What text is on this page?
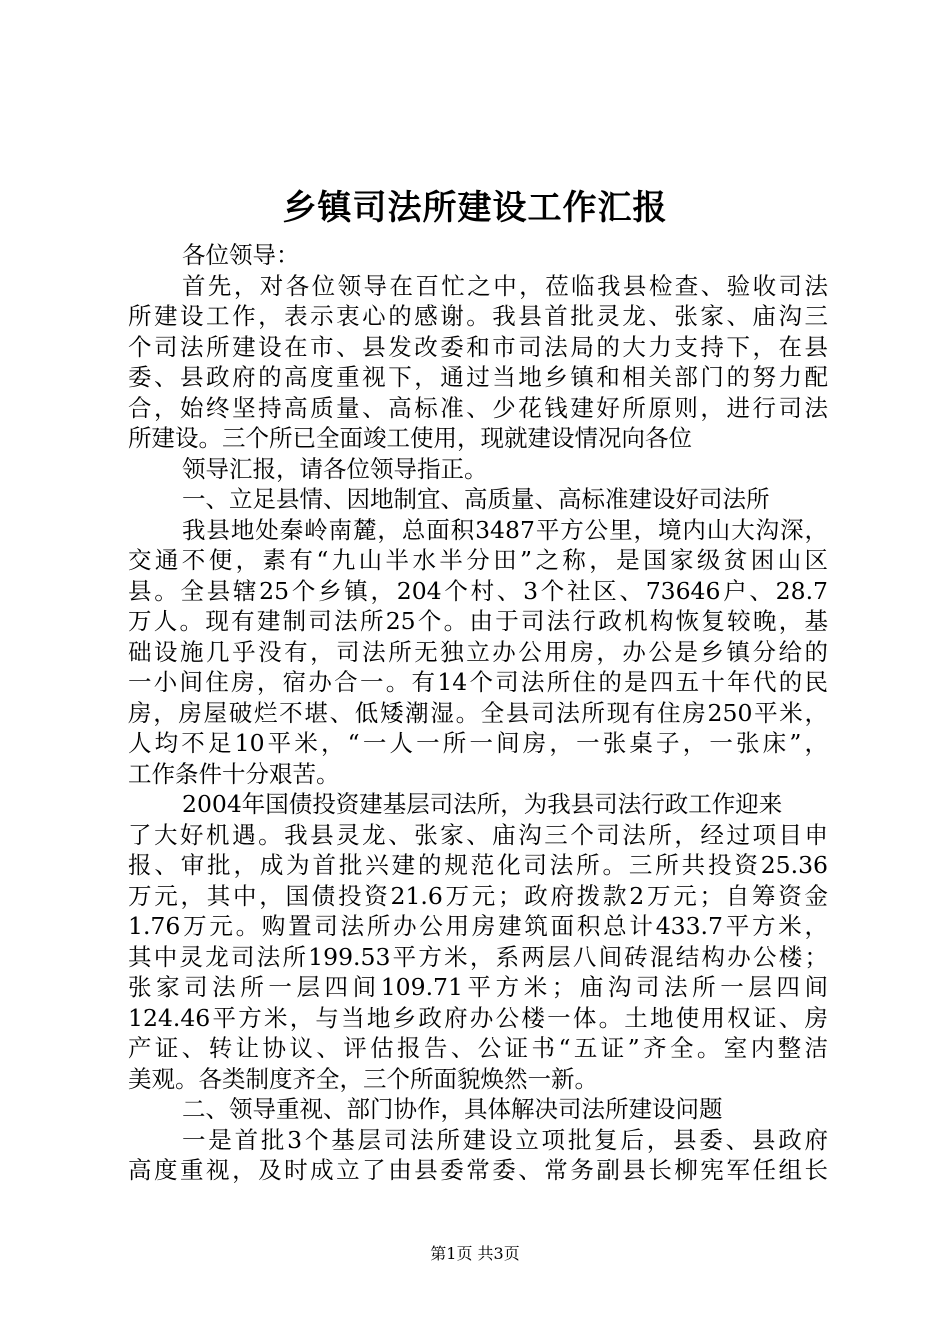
乡镇司法所建设工作汇报
各位领导：
首先，对各位领导在百忙之中，莅临我县检查、验收司法
所建设工作，表示衷心的感谢。我县首批灵龙、张家、庙沟三
个司法所建设在市、县发改委和市司法局的大力支持下，在县
委、县政府的高度重视下，通过当地乡镇和相关部门的努力配
合，始终坚持高质量、高标准、少花钱建好所原则，进行司法
所建设。三个所已全面竣工使用，现就建设情况向各位
领导汇报，请各位领导指正。
一、立足县情、因地制宜、高质量、高标准建设好司法所
我县地处秦岭南麓，总面积3487平方公里，境内山大沟深，
交通不便，素有“九山半水半分田”之称，是国家级贫困山区
县。全县辖25个乡镇，204个村、3个社区、73646户、28.7
万人。现有建制司法所25个。由于司法行政机构恢复较晚，基
础设施几乎没有，司法所无独立办公用房，办公是乡镇分给的
一小间住房，宿办合一。有14个司法所住的是四五十年代的民
房，房屋破烂不堪、低矮潮湿。全县司法所现有住房250平米，
人均不足10平米，“一人一所一间房，一张桌子，一张床”，
工作条件十分艰苦。
2004年国债投资建基层司法所，为我县司法行政工作迎来
了大好机遇。我县灵龙、张家、庙沟三个司法所，经过项目申
报、审批，成为首批兴建的规范化司法所。三所共投资25.36
万元，其中，国债投资21.6万元；政府拨款2万元；自筹资金
1.76万元。购置司法所办公用房建筑面积总计433.7平方米，
其中灵龙司法所199.53平方米，系两层八间砖混结构办公楼；
张家司法所一层四间109.71平方米；庙沟司法所一层四间
124.46平方米，与当地乡政府办公楼一体。土地使用权证、房
产证、转让协议、评估报告、公证书“五证”齐全。室内整洁
美观。各类制度齐全，三个所面貌焕然一新。
二、领导重视、部门协作，具体解决司法所建设问题
一是首批3个基层司法所建设立项批复后，县委、县政府
高度重视，及时成立了由县委常委、常务副县长柳宪军任组长
第1页 共3页
